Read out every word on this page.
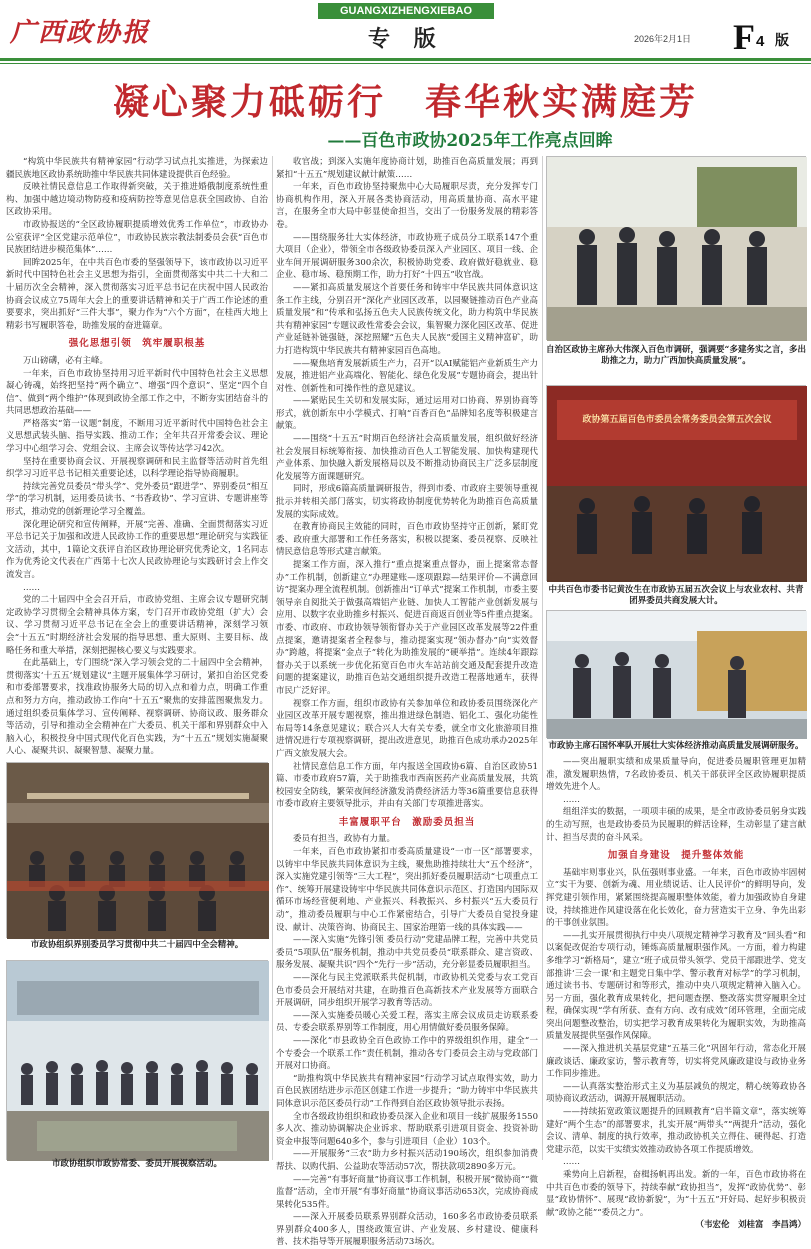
广西政协报
GUANGXIZHENGXIEBAO
专 版	2026年2月1日 F 4 版
凝心聚力砥砺行　春华秋实满庭芳
——百色市政协2025年工作亮点回眸

“构筑中华民族共有精神家园”行动学习试点扎实推进，为探索边疆民族地区政协系统助推中华民族共同体建设提供百色经验。

反映社情民意信息工作取得新突破，关于推进婚俄制度系统性重构、加强中越边境动物防疫和疫病防控等意见信息获全国政协、自治区政协采用。

市政协报送的“全区政协履职提质增效优秀工作单位”，市政协办公室获评“全区党建示范单位”，市政协民族宗教法制委员会获“百色市民族团结进步模范集体”……

回眸2025年，在中共百色市委的坚强领导下，该市政协以习近平新时代中国特色社会主义思想为指引，全面贯彻落实中共二十大和二十届历次全会精神，深入贯彻落实习近平总书记在庆祝中国人民政治协商会议成立75周年大会上的重要讲话精神和关于广西工作论述的重要要求，突出抓好“三件大事”，聚力作为“六个方面”，在桂西大地上精彩书写履职答卷，助推发展的奋进篇章。

强化思想引领　筑牢履职根基

万山磅礴，必有主峰。

一年来，百色市政协坚持用习近平新时代中国特色社会主义思想凝心铸魂，始终把坚持“两个确立”、增强“四个意识”、坚定“四个自信”、做到“两个维护”体现到政协全部工作之中，不断夯实团结奋斗的共同思想政治基础——

严格落实“第一议题”制度，不断用习近平新时代中国特色社会主义思想武装头脑、指导实践、推动工作；全年共召开常委会议、理论学习中心组学习会、党组会议、主席会议等传达学习42次。

坚持在重要协商会议、开展视察调研和民主监督等活动时首先组织学习习近平总书记相关重要论述，以科学理论指导协商履职。

持续完善党员委员“带头学”、党外委员“跟进学”、界别委员“相互学”的学习机制，运用委员读书、“书香政协”、学习宣讲、专题讲座等形式，推动党的创新理论学习全覆盖。

深化理论研究和宣传阐释，开展“完善、准确、全面贯彻落实习近平总书记关于加强和改进人民政协工作的重要思想”理论研究与实践征文活动，其中，1篇论文获评自治区政协理论研究优秀论文，1名同志作为优秀论文代表在广西第十七次人民政协理论与实践研讨会上作交流发言。

……

党的二十届四中全会召开后，市政协党组、主席会议专题研究制定政协学习贯彻全会精神具体方案，专门召开市政协党组（扩大）会议、学习贯彻习近平总书记在全会上的重要讲话精神，深刻学习领会“十五五”时期经济社会发展的指导思想、重大原则、主要目标、战略任务和重大举措，深刻把握核心要义与实践要求。

在此基础上，专门围绕“深入学习领会党的二十届四中全会精神，贯彻落实‘十五五’规划建议”主题开展集体学习研讨，紧扣自治区党委和市委部署要求，找准政协服务大局的切入点和着力点，明确工作重点和努力方向，推动政协工作向“十五五”聚焦的安排蓝图聚焦发力。通过组织委员集体学习、宣传阐释、视察调研、协商议政、服务群众等活动，引导和推动全会精神在广大委员、机关干部和界别群众中入脑入心，积极投身中国式现代化百色实践，为“十五五”规划实施凝聚人心、凝聚共识、凝聚智慧、凝聚力量。

市政协组织界别委员学习贯彻中共二十届四中全会精神。
市政协组织市政协常委、委员开展视察活动。

收官战；到深入实施年度协商计划，助推百色高质量发展；再到紧扣“十五五”规划建议献计献策……

一年来，百色市政协坚持聚焦中心大局履职尽责，充分发挥专门协商机构作用，深入开展各类协商活动，用高质量协商、高水平建言，在服务全市大局中彰显使命担当，交出了一份服务发展的精彩答卷。

——围绕服务壮大实体经济，市政协班子成员分工联系147个重大项目（企业），带领全市各级政协委员深入产业园区、项目一线、企业车间开展调研服务300余次，积极协助党委、政府做好稳就业、稳企业、稳市场、稳预期工作，助力打好“十四五”收官战。

——紧扣高质量发展这个首要任务和铸牢中华民族共同体意识这条工作主线，分别召开“深化产业园区改革，以园聚链推动百色产业高质量发展”和“传承和弘扬五色夫人民族传统文化，助力构筑中华民族共有精神家园”专题议政性常委会会议，集智聚力深化园区改革、促进产业延链补链强链，深挖照耀“五色夫人民族”爱国主义精神富矿，助力打造构筑中华民族共有精神家园百色高地。

——聚焦培育发展新质生产力，召开“以AI赋能铝产业新质生产力发展，推进铝产业高端化、智能化、绿色化发展”专题协商会，提出针对性、创新性和可操作性的意见建议。

——紧贴民生关切和发展实际，通过运用对口协商、界别协商等形式，就创新东中小学模式、打响“百香百色”品牌知名度等积极建言献策。

——围绕“十五五”时期百色经济社会高质量发展，组织做好经济社会发展目标统筹衔接、加快推动百色人工智能发展、加快构建现代产业体系、加快融入新发展格局以及不断推动协商民主广泛多层制度化发展等方面课题研究。

同时，形成6篇高质量调研报告，得到市委、市政府主要领导重视批示并转相关部门落实，切实将政协制度优势转化为助推百色高质量发展的实际成效。

在教育协商民主效能的同时，百色市政协坚持守正创新，紧盯党委、政府重大部署和工作任务落实，积极以提案、委员视察、反映社情民意信息等形式建言献策。

提案工作方面，深入推行“重点提案重点督办，面上提案常态督办”工作机制，创新建立“办理建账—逐项跟踪—结果评价—不满意回访”提案办理全流程机制。创新推出“订单式”提案工作机制，市委主要领导亲自阅批关于做强高端铝产业链、加快人工智能产业创新发展与应用、以数字农业助推乡村振兴、促进百商返百创业等5件重点提案。市委、市政府、市政协领导领衔督办关于产业园区改革发展等22件重点提案，邀请提案者全程参与，推动提案实现“领办督办”向“实效督办”跨越，将提案“金点子”转化为助推发展的“硬举措”。连续4年跟踪督办关于以系统一步优化拓宽百色市火车站站前交通及配套提升改造问题的提案建议，助推百色站交通组织提升改造工程落地通车，获得市民广泛好评。

视察工作方面，组织市政协有关参加单位和政协委员围绕深化产业园区改革开展专题视察，推出推进绿色制造、铝化工、强化功能性布局等14条意见建议；联合兴人大有关专委，就全市文化旅游项目推进情况进行专项视察调研，提出改进意见，助推百色成功承办2025年广西文旅发展大会。

社情民意信息工作方面，年内报送全国政协6篇、自治区政协51篇、市委市政府57篇，关于助推我市西南医药产业高质量发展，共筑校园安全防线，繁荣夜间经济激发消费经济活力等36篇重要信息获得市委市政府主要领导批示，并由有关部门专项推进落实。

丰富履职平台　激励委员担当

委员有担当，政协有力量。

一年来，百色市政协紧扣市委高质量建设“一市一区”部署要求，以铸牢中华民族共同体意识为主线，聚焦助推持续壮大“五个经济”，深入实施党建引领等“三大工程”，突出抓好委员履职活动“七项重点工作”、统筹开展建设铸牢中华民族共同体意识示范区、打造国内国际双循环市场经营便利地、产业振兴、科教振兴、乡村振兴“五大委员行动”，推动委员履职与中心工作紧密结合，引导广大委员自觉投身建设、献计、决策咨询、协商民主、国家治理第一线的具体实践——

——深入实施“先锋引领 委员行动”党建品牌工程，完善中共党员委员“5项队伍”服务机制，推动中共党员委员“联系群众、建言资政、服务发展、凝聚共识”四个“先行一步”活动，充分彰显委员履职担当。

——深化与民主党派联系共促机制，市政协机关党委与农工党百色市委员会开展结对共建，在助推百色高新技术产业发展等方面联合开展调研，同步组织开展学习教育等活动。

——深入实施委员暖心关爱工程，落实主席会议成员走访联系委员、专委会联系界别等工作制度，用心用情做好委员服务保障。

——深化“市县政协全百色政协工作中的界级组织作用，建全“一个专委会一个联系工作”责任机制，推动各专门委员会主动与党政部门开展对口协商。

“助推构筑中华民族共有精神家园”行动学习试点取得实效，助力百色民族团结进步示范区创建工作进一步提升；“助力铸牢中华民族共同体意识示范区委员行动”工作得到自治区政协领导批示表扬。

全市各级政协组织和政协委员深入企业和项目一线扩展服务1550多人次、推动协调解决企业诉求、帮助联系引进项目资金、投资补助资金申报等问题640多个，参与引进项目（企业）103个。

——开展服务“三农”助力乡村振兴活动190场次，组织参加消费帮扶、以购代捐、公益助农等活动57次，帮扶款项2890多万元。

——完善“有事好商量”协商议事工作机制，积极开展“微协商”“微监督”活动，全市开展“有事好商量”协商议事活动653次，完成协商成果转化535件。

——深入开展委员联系界别群众活动，160多名市政协委员联系界别群众400多人，围绕政策宣讲、产业发展、乡村建设、健康科普、技术指导等开展履职服务活动73场次。

自治区政协主席孙大伟深入百色市调研，强调要“多建务实之言，多出助推之力，助力广西加快高质量发展”。
政协第五届百色市委员会常务委员会第五次会议
中共百色市委书记黄汝生在市政协五届五次会议上与农业农村、共青团界委员共商发展大计。
市政协主席石国怀率队开展壮大实体经济推动高质量发展调研服务。

——突出履职实绩和成果质量导向，促进委员履职管理更加精准，激发履职热情，7名政协委员、机关干部获评全区政协履职提质增效先进个人。

……

组组洋实的数据，一项项丰硕的成果，是全市政协委员躬身实践的生动写照，也是政协委员为民履职的鲜活诠释，生动彰显了建言献计、担当尽责的奋斗风采。

加强自身建设　提升整体效能

基础牢则事业兴，队伍强则事业盛。一年来，百色市政协牢固树立“实干为要、创新为魂、用业绩说话、让人民评价”的鲜明导向，发挥党建引领作用，紧紧围绕提高履职整体效能，着力加强政协自身建设，持续推进作风建设落在化长效化，奋力营造实干立身、争先出彩的干事创业氛围。

——扎实开展贯彻执行中央八项规定精神学习教育及“回头看”和以案促改促治专项行动，锤炼高质量履职强作风。一方面，着力构建多维学习“新格局”，建立“班子成员带头领学、党员干部跟进学、党支部推讲‘三会一课’和主题党日集中学、警示教育对标学”的学习机制，通过读书书、专题研讨和等形式，推动中央八项规定精神入脑入心。另一方面，强化教育成果转化，把问题查摆、整改落实贯穿履职全过程，确保实现“学有所获、查有方向、改有成效”闭环管理，全面完成突出问题整改整治，切实把学习教育成果转化为履职实效，为助推高质量发展提供坚强作风保障。

——深入推进机关基层党建“五基三化”巩固年行动，常态化开展廉政谈话、廉政家访，警示教育等，切实将党风廉政建设与政协业务工作同步推进。

——认真落实整治形式主义为基层减负的规定，精心统筹政协各项协商议政活动，调源开展履职活动。

——持续拓宽政策议题提升的回顾教育“启半篇文章”，落实统筹建好“两个生态”的部署要求，扎实开展“两带头”“两提升”活动，强化会议、清单、制度的执行效率，推动政协机关立得住、硬得起、打造党建示范，以实干实绩实效推动政协各项工作提质增效。

……

乘势向上启新程，奋楫扬帆再出发。新的一年，百色市政协将在中共百色市委的领导下，持续奉献“政协担当”，发挥“政协优势”、彰显“政协情怀”、展现“政协新貌”，为“十五五”开好局、起好步积极贡献“政协之能”“委员之力”。

（韦宏伦　刘桂富　李昌鸿）
